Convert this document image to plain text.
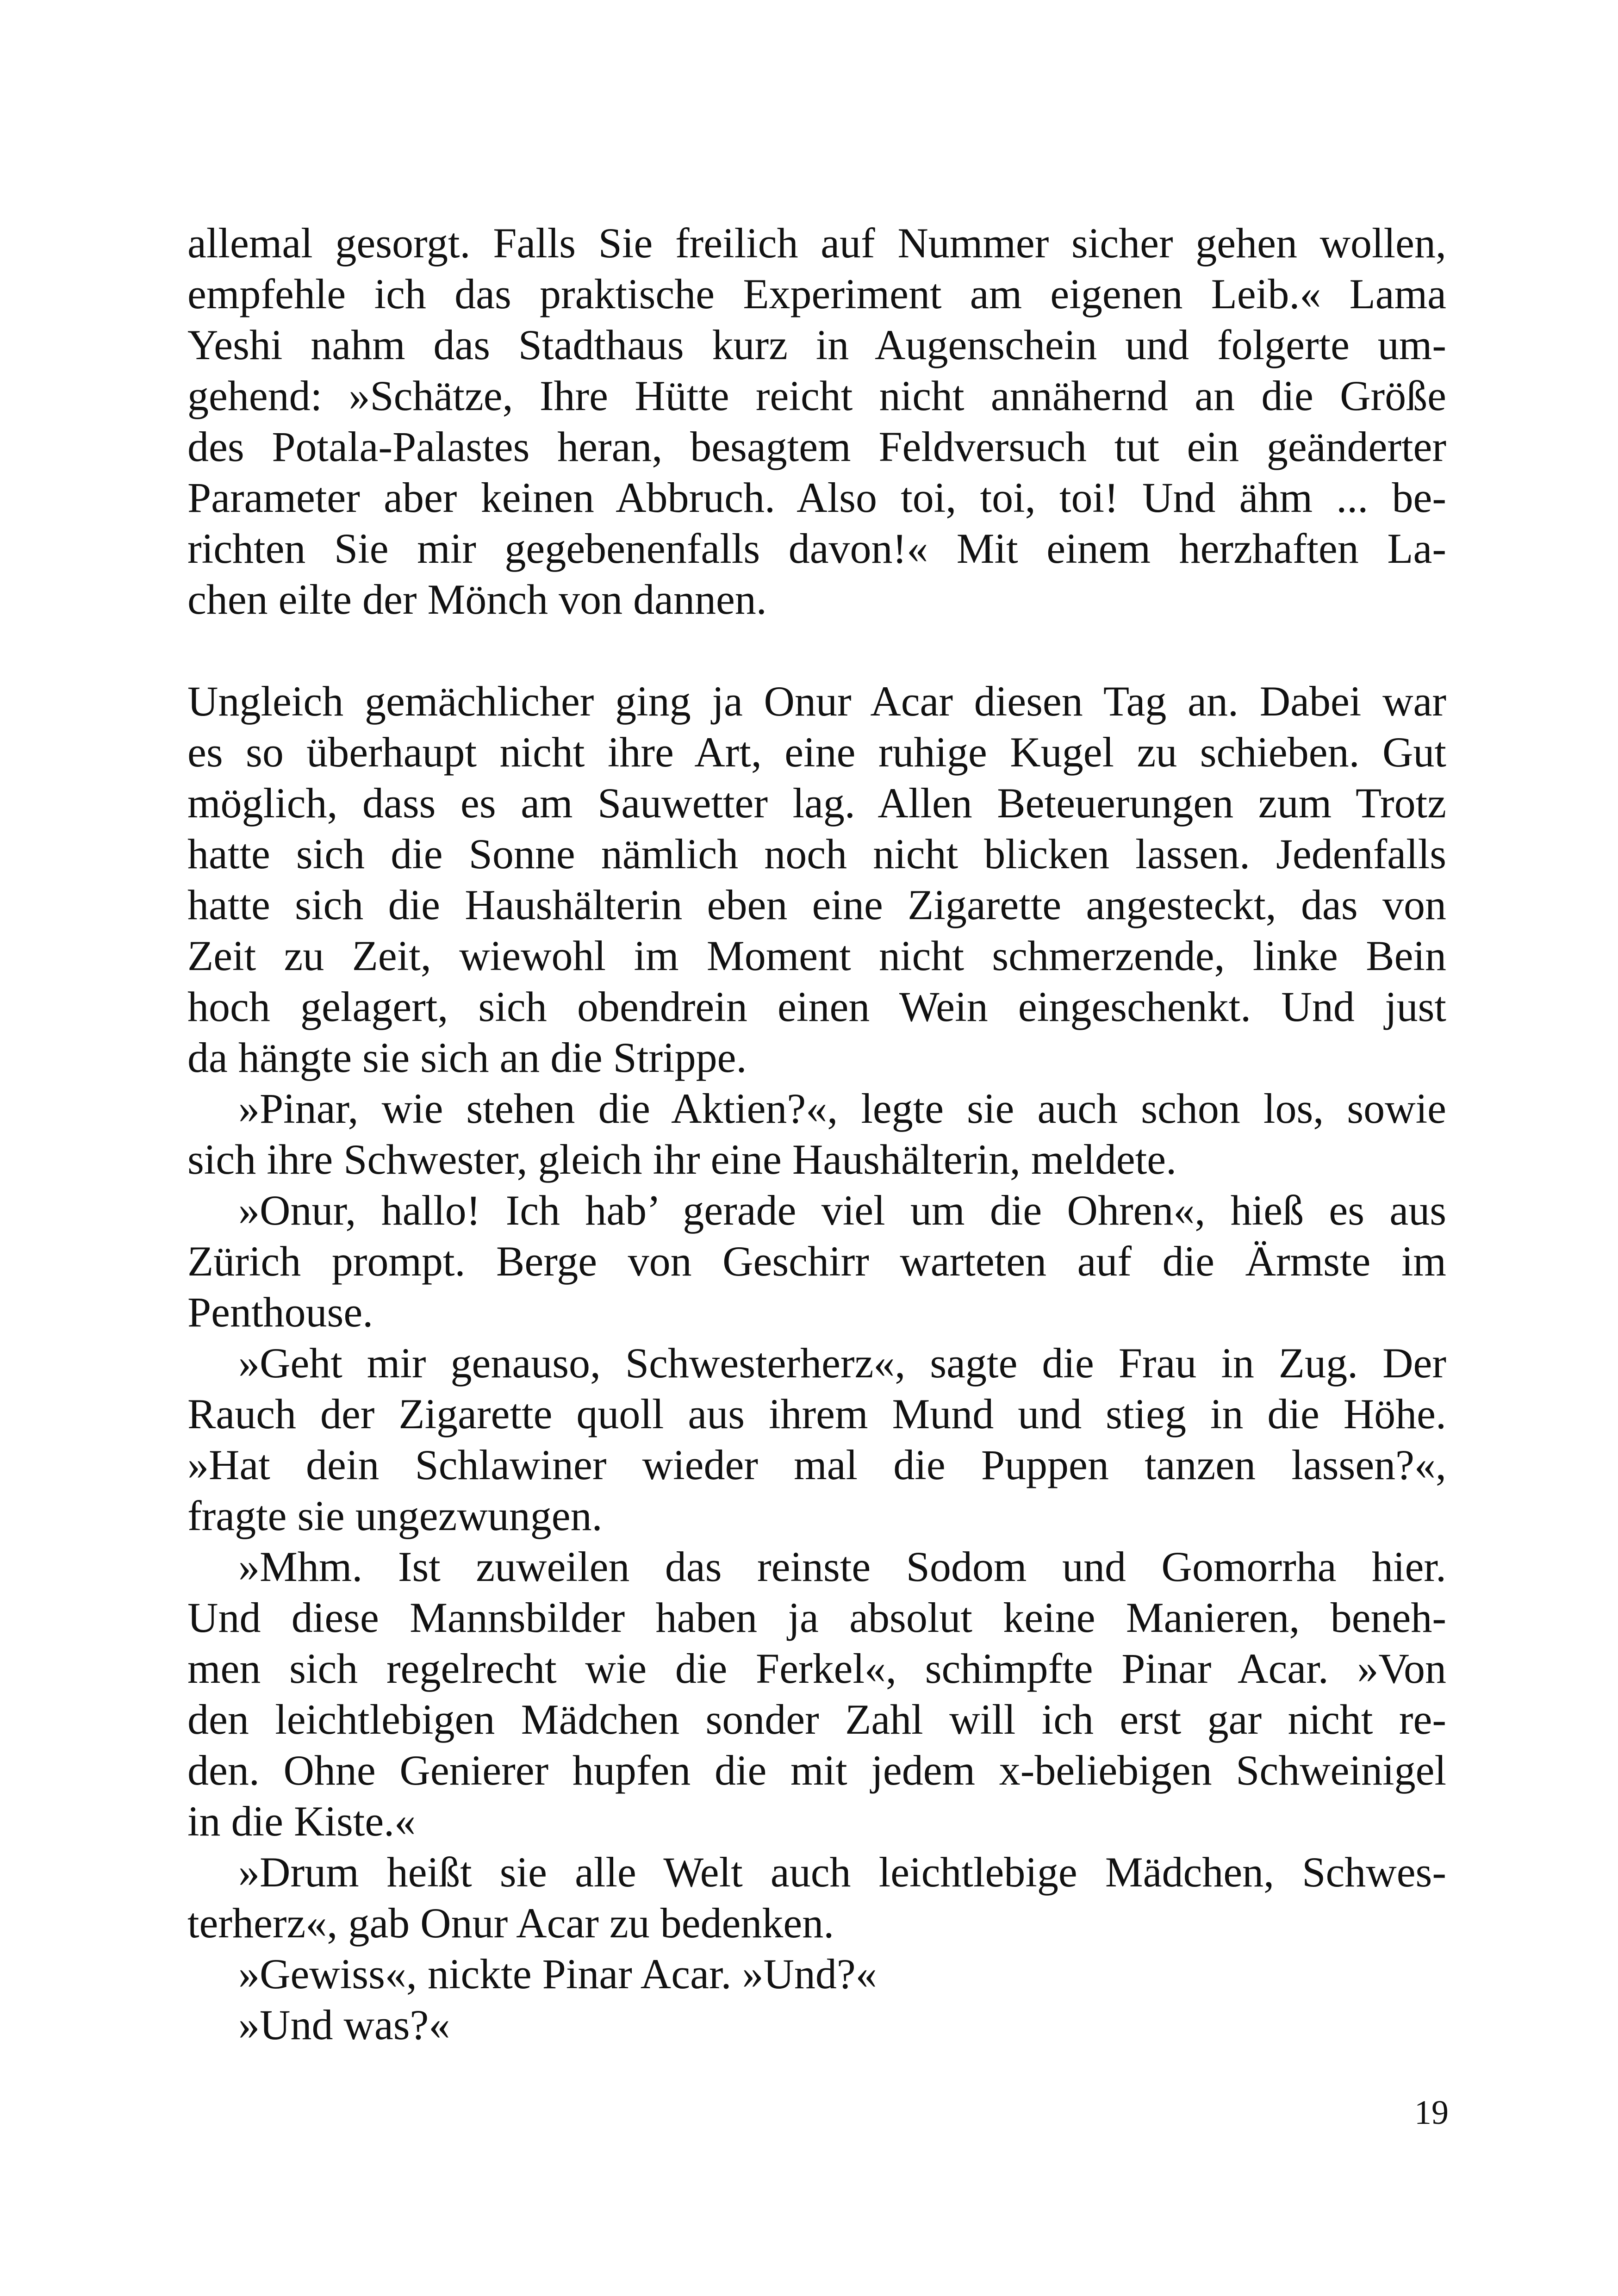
allemal gesorgt. Falls Sie freilich auf Nummer sicher gehen wollen,
empfehle ich das praktische Experiment am eigenen Leib.« Lama
Yeshi nahm das Stadthaus kurz in Augenschein und folgerte um-
gehend: »Schätze, Ihre Hütte reicht nicht annähernd an die Größe
des Potala-Palastes heran, besagtem Feldversuch tut ein geänderter
Parameter aber keinen Abbruch. Also toi, toi, toi! Und ähm ... be-
richten Sie mir gegebenenfalls davon!« Mit einem herzhaften La-
chen eilte der Mönch von dannen.
Ungleich gemächlicher ging ja Onur Acar diesen Tag an. Dabei war
es so überhaupt nicht ihre Art, eine ruhige Kugel zu schieben. Gut
möglich, dass es am Sauwetter lag. Allen Beteuerungen zum Trotz
hatte sich die Sonne nämlich noch nicht blicken lassen. Jedenfalls
hatte sich die Haushälterin eben eine Zigarette angesteckt, das von
Zeit zu Zeit, wiewohl im Moment nicht schmerzende, linke Bein
hoch gelagert, sich obendrein einen Wein eingeschenkt. Und just
da hängte sie sich an die Strippe.
»Pinar, wie stehen die Aktien?«, legte sie auch schon los, sowie
sich ihre Schwester, gleich ihr eine Haushälterin, meldete.
»Onur, hallo! Ich hab’ gerade viel um die Ohren«, hieß es aus
Zürich prompt. Berge von Geschirr warteten auf die Ärmste im
Penthouse.
»Geht mir genauso, Schwesterherz«, sagte die Frau in Zug. Der
Rauch der Zigarette quoll aus ihrem Mund und stieg in die Höhe.
»Hat dein Schlawiner wieder mal die Puppen tanzen lassen?«,
fragte sie ungezwungen.
»Mhm. Ist zuweilen das reinste Sodom und Gomorrha hier.
Und diese Mannsbilder haben ja absolut keine Manieren, beneh-
men sich regelrecht wie die Ferkel«, schimpfte Pinar Acar. »Von
den leichtlebigen Mädchen sonder Zahl will ich erst gar nicht re-
den. Ohne Genierer hupfen die mit jedem x-beliebigen Schweinigel
in die Kiste.«
»Drum heißt sie alle Welt auch leichtlebige Mädchen, Schwes-
terherz«, gab Onur Acar zu bedenken.
»Gewiss«, nickte Pinar Acar. »Und?«
»Und was?«
19
